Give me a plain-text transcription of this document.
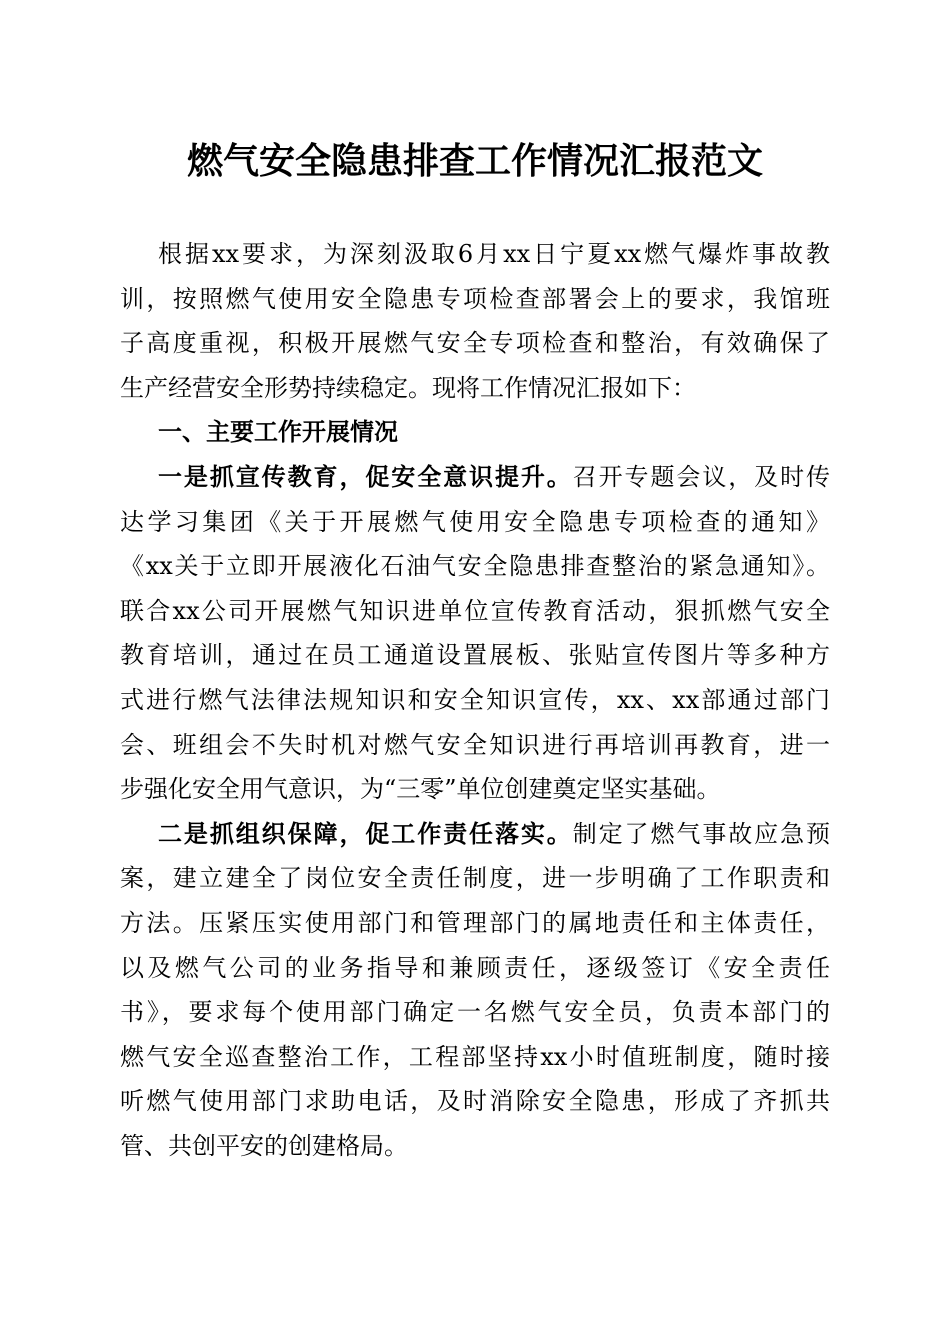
燃气安全隐患排查工作情况汇报范文
根据xx要求，为深刻汲取6月xx日宁夏xx燃气爆炸事故教
训，按照燃气使用安全隐患专项检查部署会上的要求，我馆班
子高度重视，积极开展燃气安全专项检查和整治，有效确保了
生产经营安全形势持续稳定。现将工作情况汇报如下：
一、主要工作开展情况
一是抓宣传教育，促安全意识提升。召开专题会议，及时传
达学习集团《关于开展燃气使用安全隐患专项检查的通知》
《xx关于立即开展液化石油气安全隐患排查整治的紧急通知》。
联合xx公司开展燃气知识进单位宣传教育活动，狠抓燃气安全
教育培训，通过在员工通道设置展板、张贴宣传图片等多种方
式进行燃气法律法规知识和安全知识宣传，xx、xx部通过部门
会、班组会不失时机对燃气安全知识进行再培训再教育，进一
步强化安全用气意识，为“三零”单位创建奠定坚实基础。
二是抓组织保障，促工作责任落实。制定了燃气事故应急预
案，建立建全了岗位安全责任制度，进一步明确了工作职责和
方法。压紧压实使用部门和管理部门的属地责任和主体责任，
以及燃气公司的业务指导和兼顾责任，逐级签订《安全责任
书》，要求每个使用部门确定一名燃气安全员，负责本部门的
燃气安全巡查整治工作，工程部坚持xx小时值班制度，随时接
听燃气使用部门求助电话，及时消除安全隐患，形成了齐抓共
管、共创平安的创建格局。
